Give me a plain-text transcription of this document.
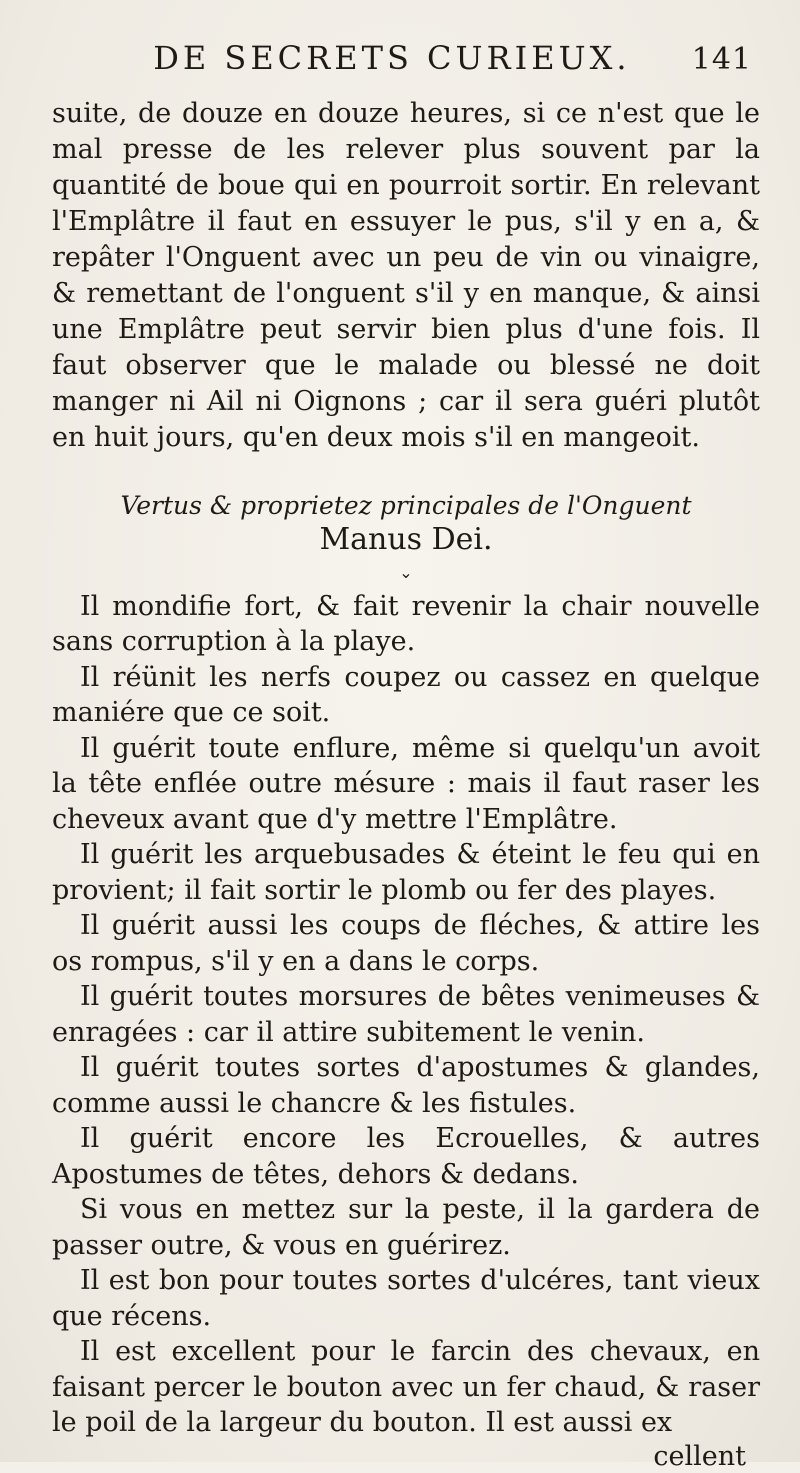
DE SECRETS CURIEUX.	141

suite, de douze en douze heures, si ce n'est que le mal presse de les relever plus souvent par la quantité de boue qui en pourroit sortir. En relevant l'Emplâtre il faut en essuyer le pus, s'il y en a, & repâter l'Onguent avec un peu de vin ou vinaigre, & remettant de l'onguent s'il y en manque, & ainsi une Emplâtre peut servir bien plus d'une fois. Il faut observer que le malade ou blessé ne doit manger ni Ail ni Oignons ; car il sera guéri plutôt en huit jours, qu'en deux mois s'il en mangeoit.

Vertus & proprietez principales de l'Onguent
Manus Dei.
⌄

Il mondifie fort, & fait revenir la chair nouvelle sans corruption à la playe.

Il réünit les nerfs coupez ou cassez en quelque maniére que ce soit.

Il guérit toute enflure, même si quelqu'un avoit la tête enflée outre mésure : mais il faut raser les cheveux avant que d'y mettre l'Emplâtre.

Il guérit les arquebusades & éteint le feu qui en provient; il fait sortir le plomb ou fer des playes.

Il guérit aussi les coups de fléches, & attire les os rompus, s'il y en a dans le corps.

Il guérit toutes morsures de bêtes venimeuses & enragées : car il attire subitement le venin.

Il guérit toutes sortes d'apostumes & glandes, comme aussi le chancre & les fistules.

Il guérit encore les Ecrouelles, & autres Apostumes de têtes, dehors & dedans.

Si vous en mettez sur la peste, il la gardera de passer outre, & vous en guérirez.

Il est bon pour toutes sortes d'ulcéres, tant vieux que récens.

Il est excellent pour le farcin des chevaux, en faisant percer le bouton avec un fer chaud, & raser le poil de la largeur du bouton. Il est aussi ex

cellent
